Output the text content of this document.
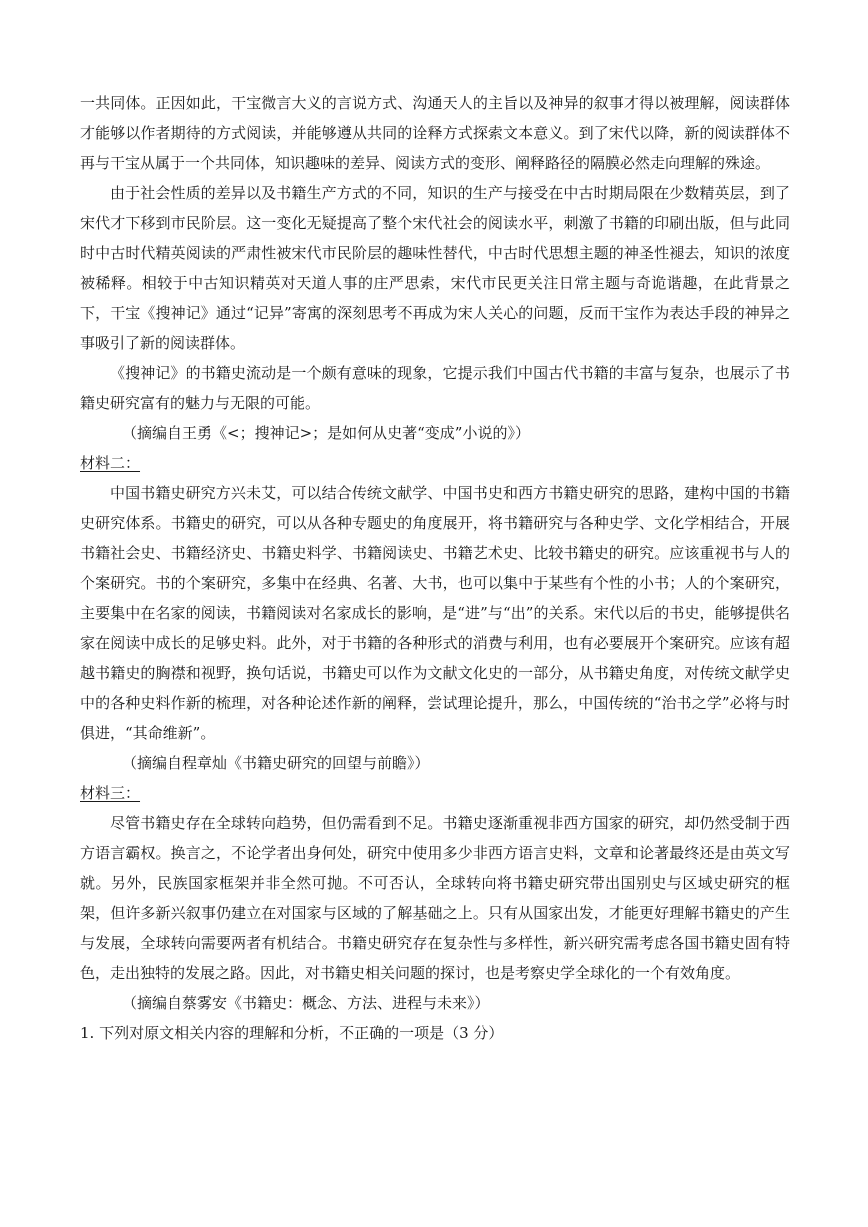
一共同体。正因如此，干宝微言大义的言说方式、沟通天人的主旨以及神异的叙事才得以被理解，阅读群体才能够以作者期待的方式阅读，并能够遵从共同的诠释方式探索文本意义。到了宋代以降，新的阅读群体不再与干宝从属于一个共同体，知识趣味的差异、阅读方式的变形、阐释路径的隔膜必然走向理解的殊途。

由于社会性质的差异以及书籍生产方式的不同，知识的生产与接受在中古时期局限在少数精英层，到了宋代才下移到市民阶层。这一变化无疑提高了整个宋代社会的阅读水平，刺激了书籍的印刷出版，但与此同时中古时代精英阅读的严肃性被宋代市民阶层的趣味性替代，中古时代思想主题的神圣性褪去，知识的浓度被稀释。相较于中古知识精英对天道人事的庄严思索，宋代市民更关注日常主题与奇诡谐趣，在此背景之下，干宝《搜神记》通过“记异”寄寓的深刻思考不再成为宋人关心的问题，反而干宝作为表达手段的神异之事吸引了新的阅读群体。

《搜神记》的书籍史流动是一个颇有意味的现象，它提示我们中国古代书籍的丰富与复杂，也展示了书籍史研究富有的魅力与无限的可能。

（摘编自王勇《<；搜神记>；是如何从史著“变成”小说的》）

材料二：

中国书籍史研究方兴未艾，可以结合传统文献学、中国书史和西方书籍史研究的思路，建构中国的书籍史研究体系。书籍史的研究，可以从各种专题史的角度展开，将书籍研究与各种史学、文化学相结合，开展书籍社会史、书籍经济史、书籍史料学、书籍阅读史、书籍艺术史、比较书籍史的研究。应该重视书与人的个案研究。书的个案研究，多集中在经典、名著、大书，也可以集中于某些有个性的小书；人的个案研究，主要集中在名家的阅读，书籍阅读对名家成长的影响，是“进”与“出”的关系。宋代以后的书史，能够提供名家在阅读中成长的足够史料。此外，对于书籍的各种形式的消费与利用，也有必要展开个案研究。应该有超越书籍史的胸襟和视野，换句话说，书籍史可以作为文献文化史的一部分，从书籍史角度，对传统文献学史中的各种史料作新的梳理，对各种论述作新的阐释，尝试理论提升，那么，中国传统的“治书之学”必将与时俱进，“其命维新”。

（摘编自程章灿《书籍史研究的回望与前瞻》）

材料三：

尽管书籍史存在全球转向趋势，但仍需看到不足。书籍史逐渐重视非西方国家的研究，却仍然受制于西方语言霸权。换言之，不论学者出身何处，研究中使用多少非西方语言史料，文章和论著最终还是由英文写就。另外，民族国家框架并非全然可抛。不可否认，全球转向将书籍史研究带出国别史与区域史研究的框架，但许多新兴叙事仍建立在对国家与区域的了解基础之上。只有从国家出发，才能更好理解书籍史的产生与发展，全球转向需要两者有机结合。书籍史研究存在复杂性与多样性，新兴研究需考虑各国书籍史固有特色，走出独特的发展之路。因此，对书籍史相关问题的探讨，也是考察史学全球化的一个有效角度。

（摘编自蔡雾安《书籍史：概念、方法、进程与未来》）

1. 下列对原文相关内容的理解和分析，不正确的一项是（3 分）
